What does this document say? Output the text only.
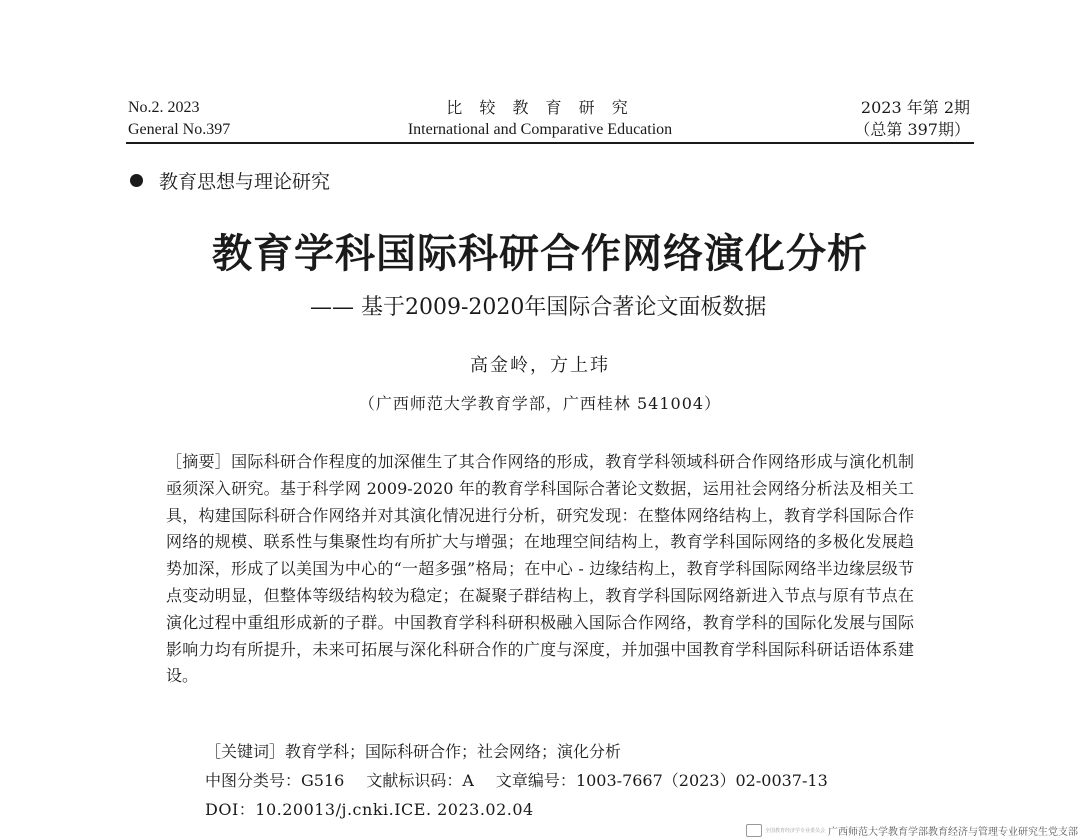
No.2. 2023
General No.397
比 较 教 育 研 究
International and Comparative Education
2023 年第 2期
（总第 397期）
教育思想与理论研究
教育学科国际科研合作网络演化分析
—— 基于2009-2020年国际合著论文面板数据
高金岭，方上玮
（广西师范大学教育学部，广西桂林 541004）
［摘要］国际科研合作程度的加深催生了其合作网络的形成，教育学科领域科研合作网络形成与演化机制亟须深入研究。基于科学网 2009-2020 年的教育学科国际合著论文数据，运用社会网络分析法及相关工具，构建国际科研合作网络并对其演化情况进行分析，研究发现：在整体网络结构上，教育学科国际合作网络的规模、联系性与集聚性均有所扩大与增强；在地理空间结构上，教育学科国际网络的多极化发展趋势加深，形成了以美国为中心的“一超多强”格局；在中心 - 边缘结构上，教育学科国际网络半边缘层级节点变动明显，但整体等级结构较为稳定；在凝聚子群结构上，教育学科国际网络新进入节点与原有节点在演化过程中重组形成新的子群。中国教育学科科研积极融入国际合作网络，教育学科的国际化发展与国际影响力均有所提升，未来可拓展与深化科研合作的广度与深度，并加强中国教育学科国际科研话语体系建设。
［关键词］教育学科；国际科研合作；社会网络；演化分析
中图分类号：G516 文献标识码：A 文章编号：1003-7667（2023）02-0037-13
DOI：10.20013/j.cnki.ICE. 2023.02.04
全国教育经济学专业委员会 广西师范大学教育学部教育经济与管理专业研究生党支部
